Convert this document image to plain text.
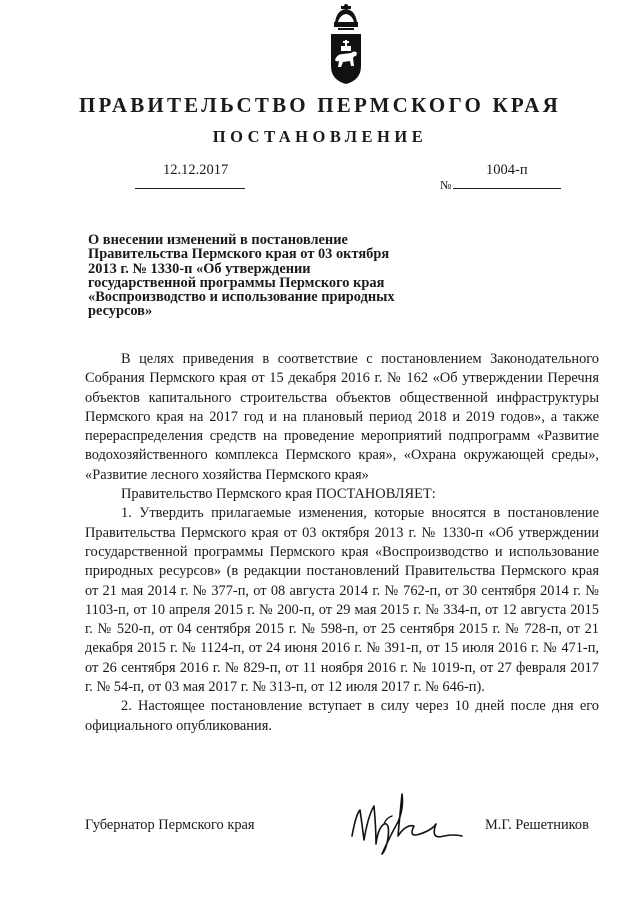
ПРАВИТЕЛЬСТВО ПЕРМСКОГО КРАЯ
ПОСТАНОВЛЕНИЕ
12.12.2017	1004-п
№
О внесении изменений в постановление Правительства Пермского края от 03 октября 2013 г. № 1330-п «Об утверждении государственной программы Пермского края «Воспроизводство и использование природных ресурсов»

В целях приведения в соответствие с постановлением Законодательного Собрания Пермского края от 15 декабря 2016 г. № 162 «Об утверждении Перечня объектов капитального строительства объектов общественной инфраструктуры Пермского края на 2017 год и на плановый период 2018 и 2019 годов», а также перераспределения средств на проведение мероприятий подпрограмм «Развитие водохозяйственного комплекса Пермского края», «Охрана окружающей среды», «Развитие лесного хозяйства Пермского края»

Правительство Пермского края ПОСТАНОВЛЯЕТ:

1. Утвердить прилагаемые изменения, которые вносятся в постановление Правительства Пермского края от 03 октября 2013 г. № 1330-п «Об утверждении государственной программы Пермского края «Воспроизводство и использование природных ресурсов» (в редакции постановлений Правительства Пермского края от 21 мая 2014 г. № 377-п, от 08 августа 2014 г. № 762-п, от 30 сентября 2014 г. № 1103-п, от 10 апреля 2015 г. № 200-п, от 29 мая 2015 г. № 334-п, от 12 августа 2015 г. № 520-п, от 04 сентября 2015 г. № 598-п, от 25 сентября 2015 г. № 728-п, от 21 декабря 2015 г. № 1124-п, от 24 июня 2016 г. № 391-п, от 15 июля 2016 г. № 471-п, от 26 сентября 2016 г. № 829-п, от 11 ноября 2016 г. № 1019-п, от 27 февраля 2017 г. № 54-п, от 03 мая 2017 г. № 313-п, от 12 июля 2017 г. № 646-п).

2. Настоящее постановление вступает в силу через 10 дней после дня его официального опубликования.

Губернатор Пермского края	М.Г. Решетников
